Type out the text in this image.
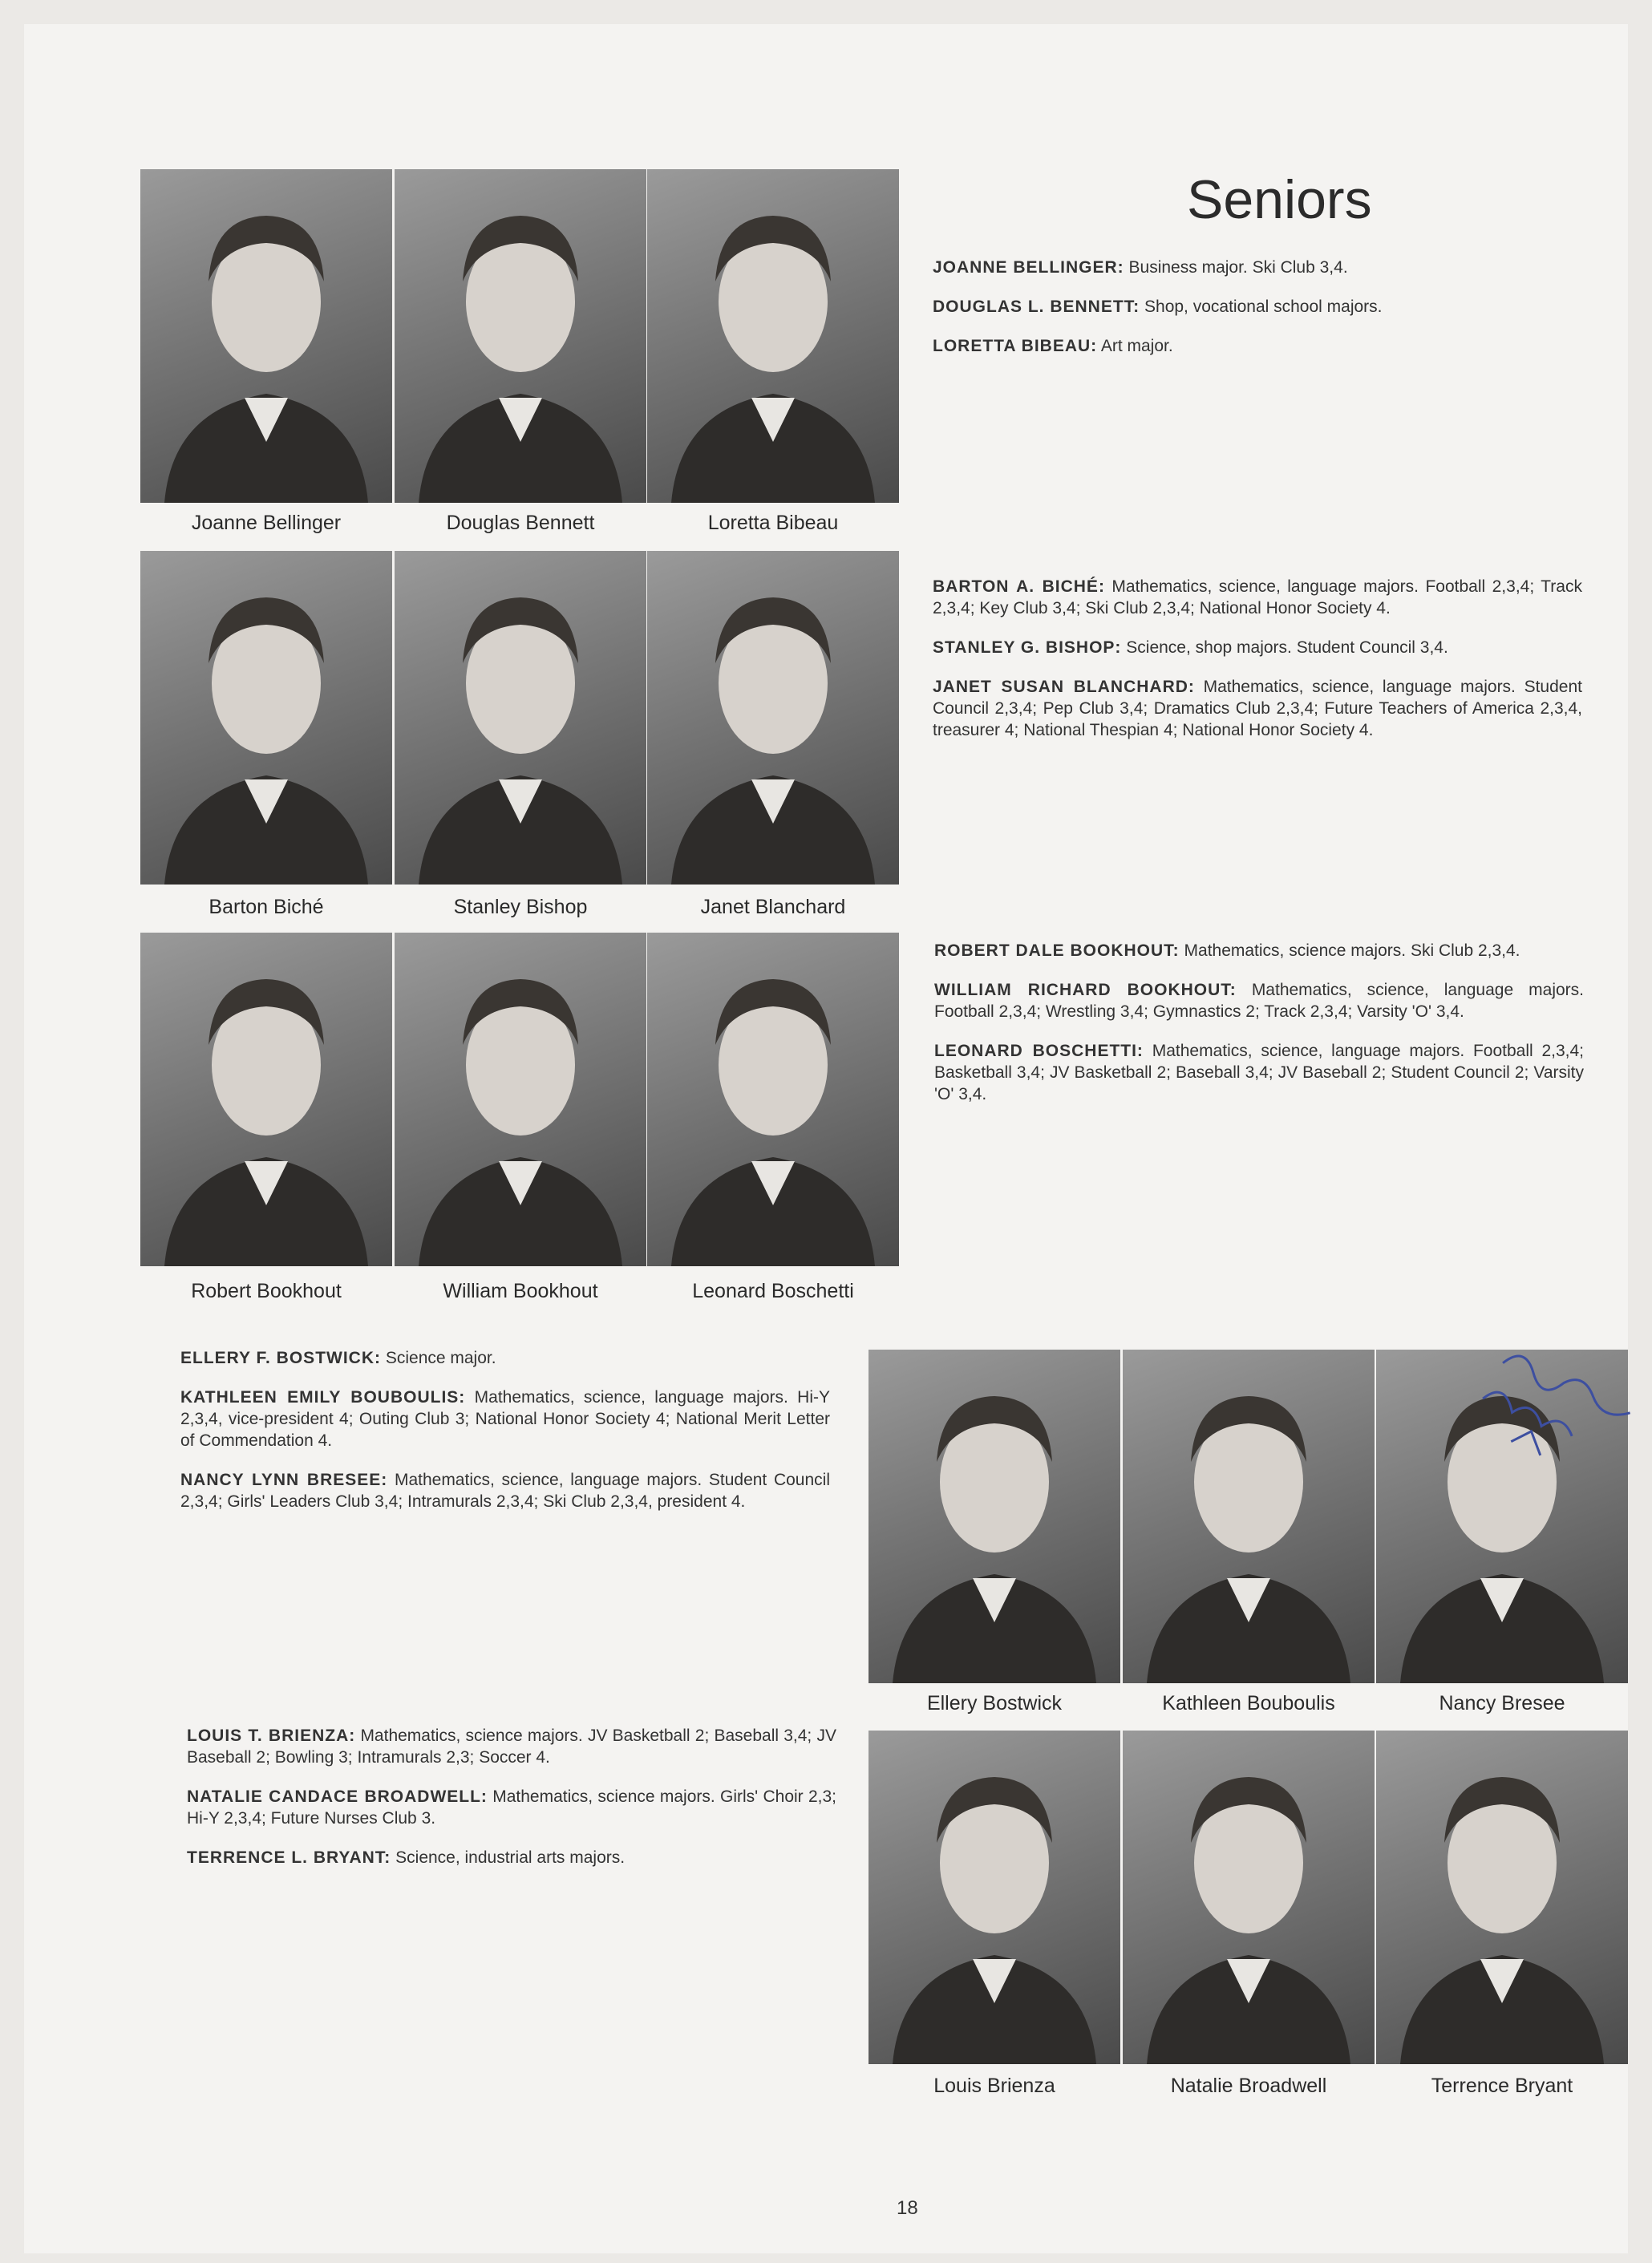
Seniors
Joanne Bellinger	Douglas Bennett	Loretta Bibeau

JOANNE BELLINGER: Business major. Ski Club 3,4.

DOUGLAS L. BENNETT: Shop, vocational school majors.

LORETTA BIBEAU: Art major.

Barton Biché	Stanley Bishop	Janet Blanchard

BARTON A. BICHÉ: Mathematics, science, language majors. Football 2,3,4; Track 2,3,4; Key Club 3,4; Ski Club 2,3,4; National Honor Society 4.

STANLEY G. BISHOP: Science, shop majors. Student Council 3,4.

JANET SUSAN BLANCHARD: Mathematics, science, language majors. Student Council 2,3,4; Pep Club 3,4; Dramatics Club 2,3,4; Future Teachers of America 2,3,4, treasurer 4; National Thespian 4; National Honor Society 4.

Robert Bookhout	William Bookhout	Leonard Boschetti

ROBERT DALE BOOKHOUT: Mathematics, science majors. Ski Club 2,3,4.

WILLIAM RICHARD BOOKHOUT: Mathematics, science, language majors. Football 2,3,4; Wrestling 3,4; Gymnastics 2; Track 2,3,4; Varsity 'O' 3,4.

LEONARD BOSCHETTI: Mathematics, science, language majors. Football 2,3,4; Basketball 3,4; JV Basketball 2; Baseball 3,4; JV Baseball 2; Student Council 2; Varsity 'O' 3,4.

ELLERY F. BOSTWICK: Science major.

KATHLEEN EMILY BOUBOULIS: Mathematics, science, language majors. Hi-Y 2,3,4, vice-president 4; Outing Club 3; National Honor Society 4; National Merit Letter of Commendation 4.

NANCY LYNN BRESEE: Mathematics, science, language majors. Student Council 2,3,4; Girls' Leaders Club 3,4; Intramurals 2,3,4; Ski Club 2,3,4, president 4.

Ellery Bostwick	Kathleen Bouboulis	Nancy Bresee

LOUIS T. BRIENZA: Mathematics, science majors. JV Basketball 2; Baseball 3,4; JV Baseball 2; Bowling 3; Intramurals 2,3; Soccer 4.

NATALIE CANDACE BROADWELL: Mathematics, science majors. Girls' Choir 2,3; Hi-Y 2,3,4; Future Nurses Club 3.

TERRENCE L. BRYANT: Science, industrial arts majors.

Louis Brienza	Natalie Broadwell	Terrence Bryant
18
